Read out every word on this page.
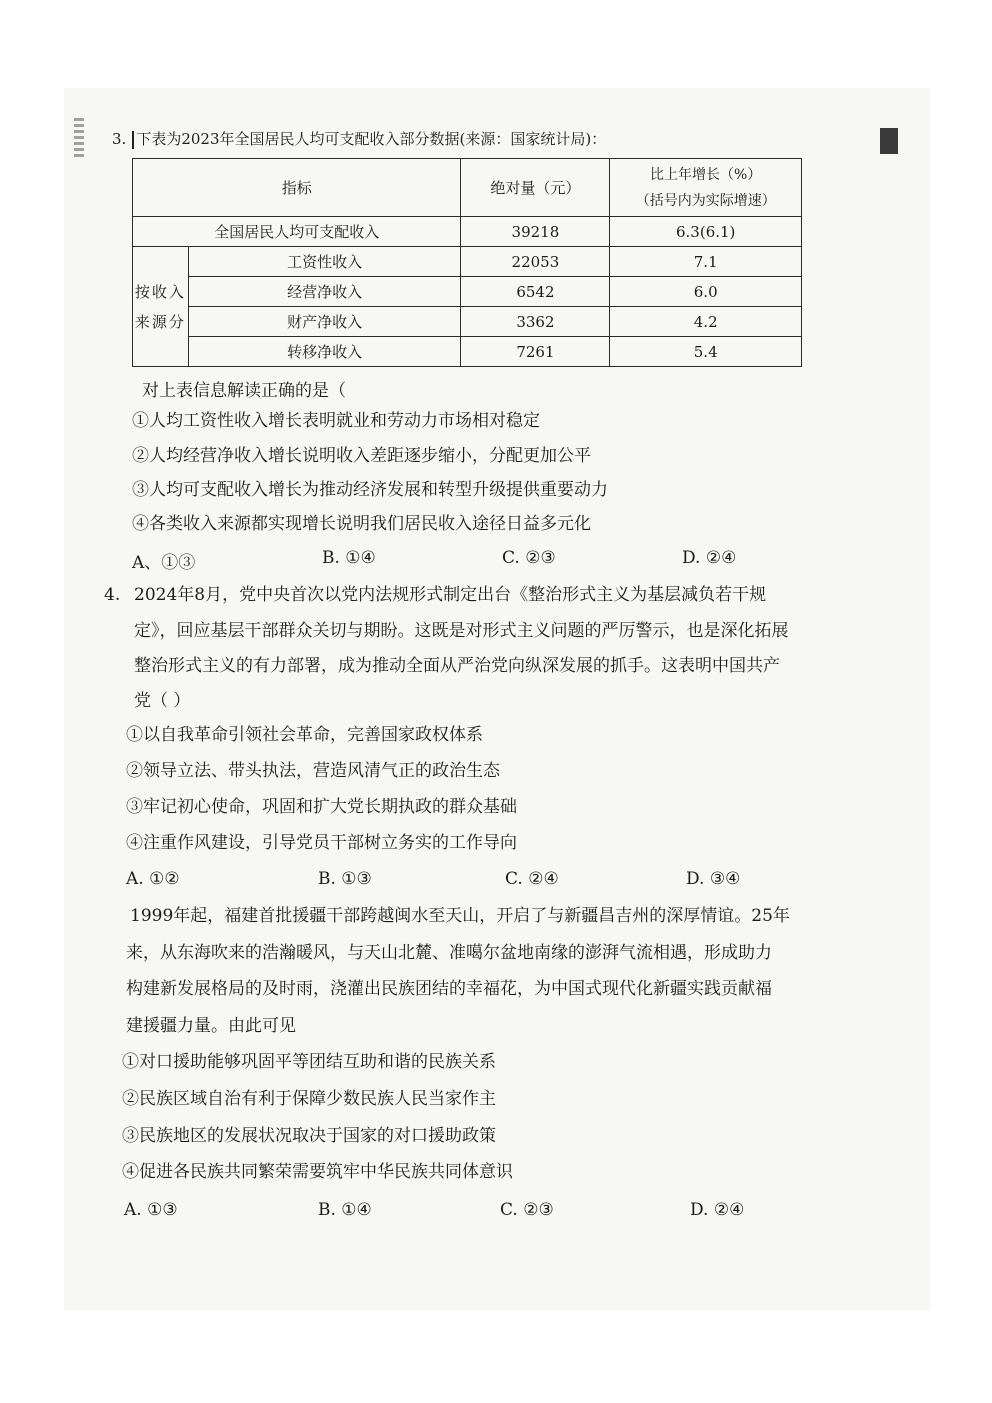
3. 下表为2023年全国居民人均可支配收入部分数据(来源：国家统计局)：
指标		绝对量（元）	比上年增长（%）
（括号内为实际增速）

全国居民人均可支配收入		39218	6.3(6.1)
按收入来源分	工资性收入	22053	7.1
	经营净收入	6542	6.0
	财产净收入	3362	4.2
	转移净收入	7261	5.4
对上表信息解读正确的是（
①人均工资性收入增长表明就业和劳动力市场相对稳定
②人均经营净收入增长说明收入差距逐步缩小，分配更加公平
③人均可支配收入增长为推动经济发展和转型升级提供重要动力
④各类收入来源都实现增长说明我们居民收入途径日益多元化
A、①③	B. ①④	C. ②③	D. ②④
4. 2024年8月，党中央首次以党内法规形式制定出台《整治形式主义为基层减负若干规
定》，回应基层干部群众关切与期盼。这既是对形式主义问题的严厉警示，也是深化拓展
整治形式主义的有力部署，成为推动全面从严治党向纵深发展的抓手。这表明中国共产
党（ ）
①以自我革命引领社会革命，完善国家政权体系
②领导立法、带头执法，营造风清气正的政治生态
③牢记初心使命，巩固和扩大党长期执政的群众基础
④注重作风建设，引导党员干部树立务实的工作导向
A. ①②	B. ①③	C. ②④	D. ③④
1999年起，福建首批援疆干部跨越闽水至天山，开启了与新疆昌吉州的深厚情谊。25年
来，从东海吹来的浩瀚暖风，与天山北麓、准噶尔盆地南缘的澎湃气流相遇，形成助力
构建新发展格局的及时雨，浇灌出民族团结的幸福花，为中国式现代化新疆实践贡献福
建援疆力量。由此可见
①对口援助能够巩固平等团结互助和谐的民族关系
②民族区域自治有利于保障少数民族人民当家作主
③民族地区的发展状况取决于国家的对口援助政策
④促进各民族共同繁荣需要筑牢中华民族共同体意识
A. ①③	B. ①④	C. ②③	D. ②④
